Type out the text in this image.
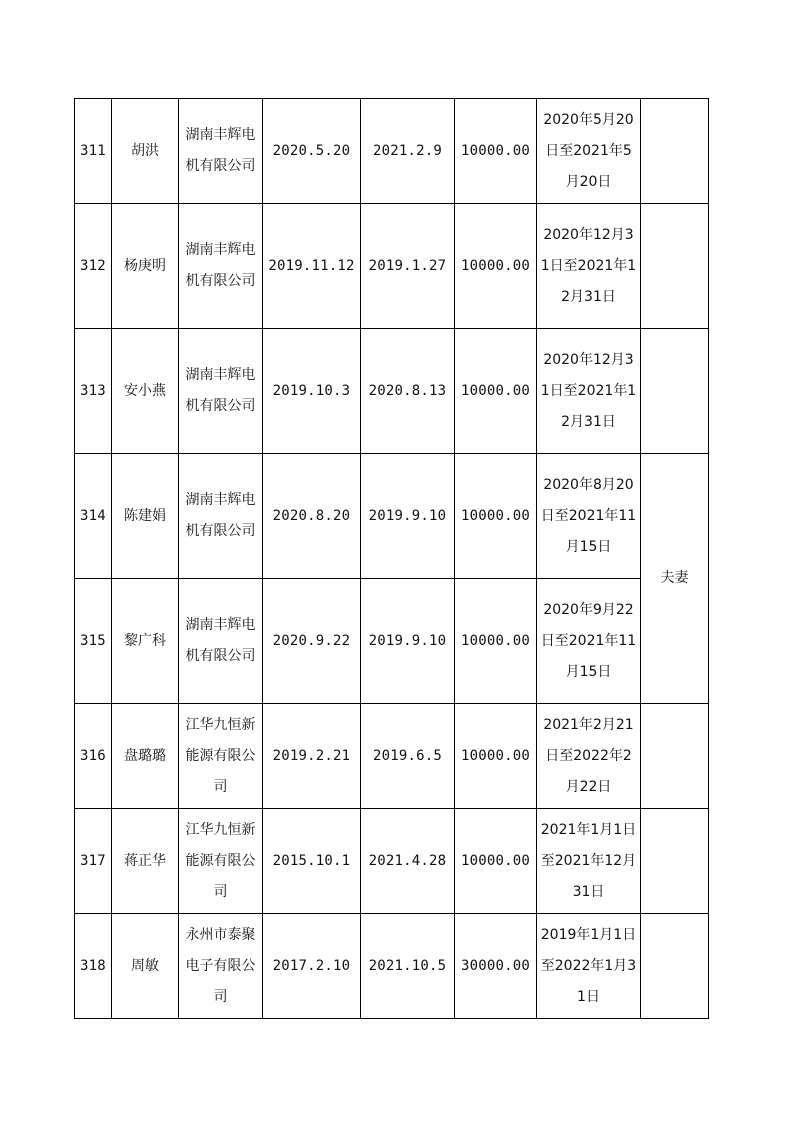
311	胡洪	湖南丰辉电机有限公司	2020.5.20	2021.2.9	10000.00	2020年5月20日至2021年5月20日	
312	杨庚明	湖南丰辉电机有限公司	2019.11.12	2019.1.27	10000.00	2020年12月31日至2021年12月31日	
313	安小燕	湖南丰辉电机有限公司	2019.10.3	2020.8.13	10000.00	2020年12月31日至2021年12月31日	
314	陈建娟	湖南丰辉电机有限公司	2020.8.20	2019.9.10	10000.00	2020年8月20日至2021年11月15日	夫妻
315	黎广科	湖南丰辉电机有限公司	2020.9.22	2019.9.10	10000.00	2020年9月22日至2021年11月15日	
316	盘璐璐	江华九恒新能源有限公司	2019.2.21	2019.6.5	10000.00	2021年2月21日至2022年2月22日	
317	蒋正华	江华九恒新能源有限公司	2015.10.1	2021.4.28	10000.00	2021年1月1日至2021年12月31日	
318	周敏	永州市泰聚电子有限公司	2017.2.10	2021.10.5	30000.00	2019年1月1日至2022年1月31日	
